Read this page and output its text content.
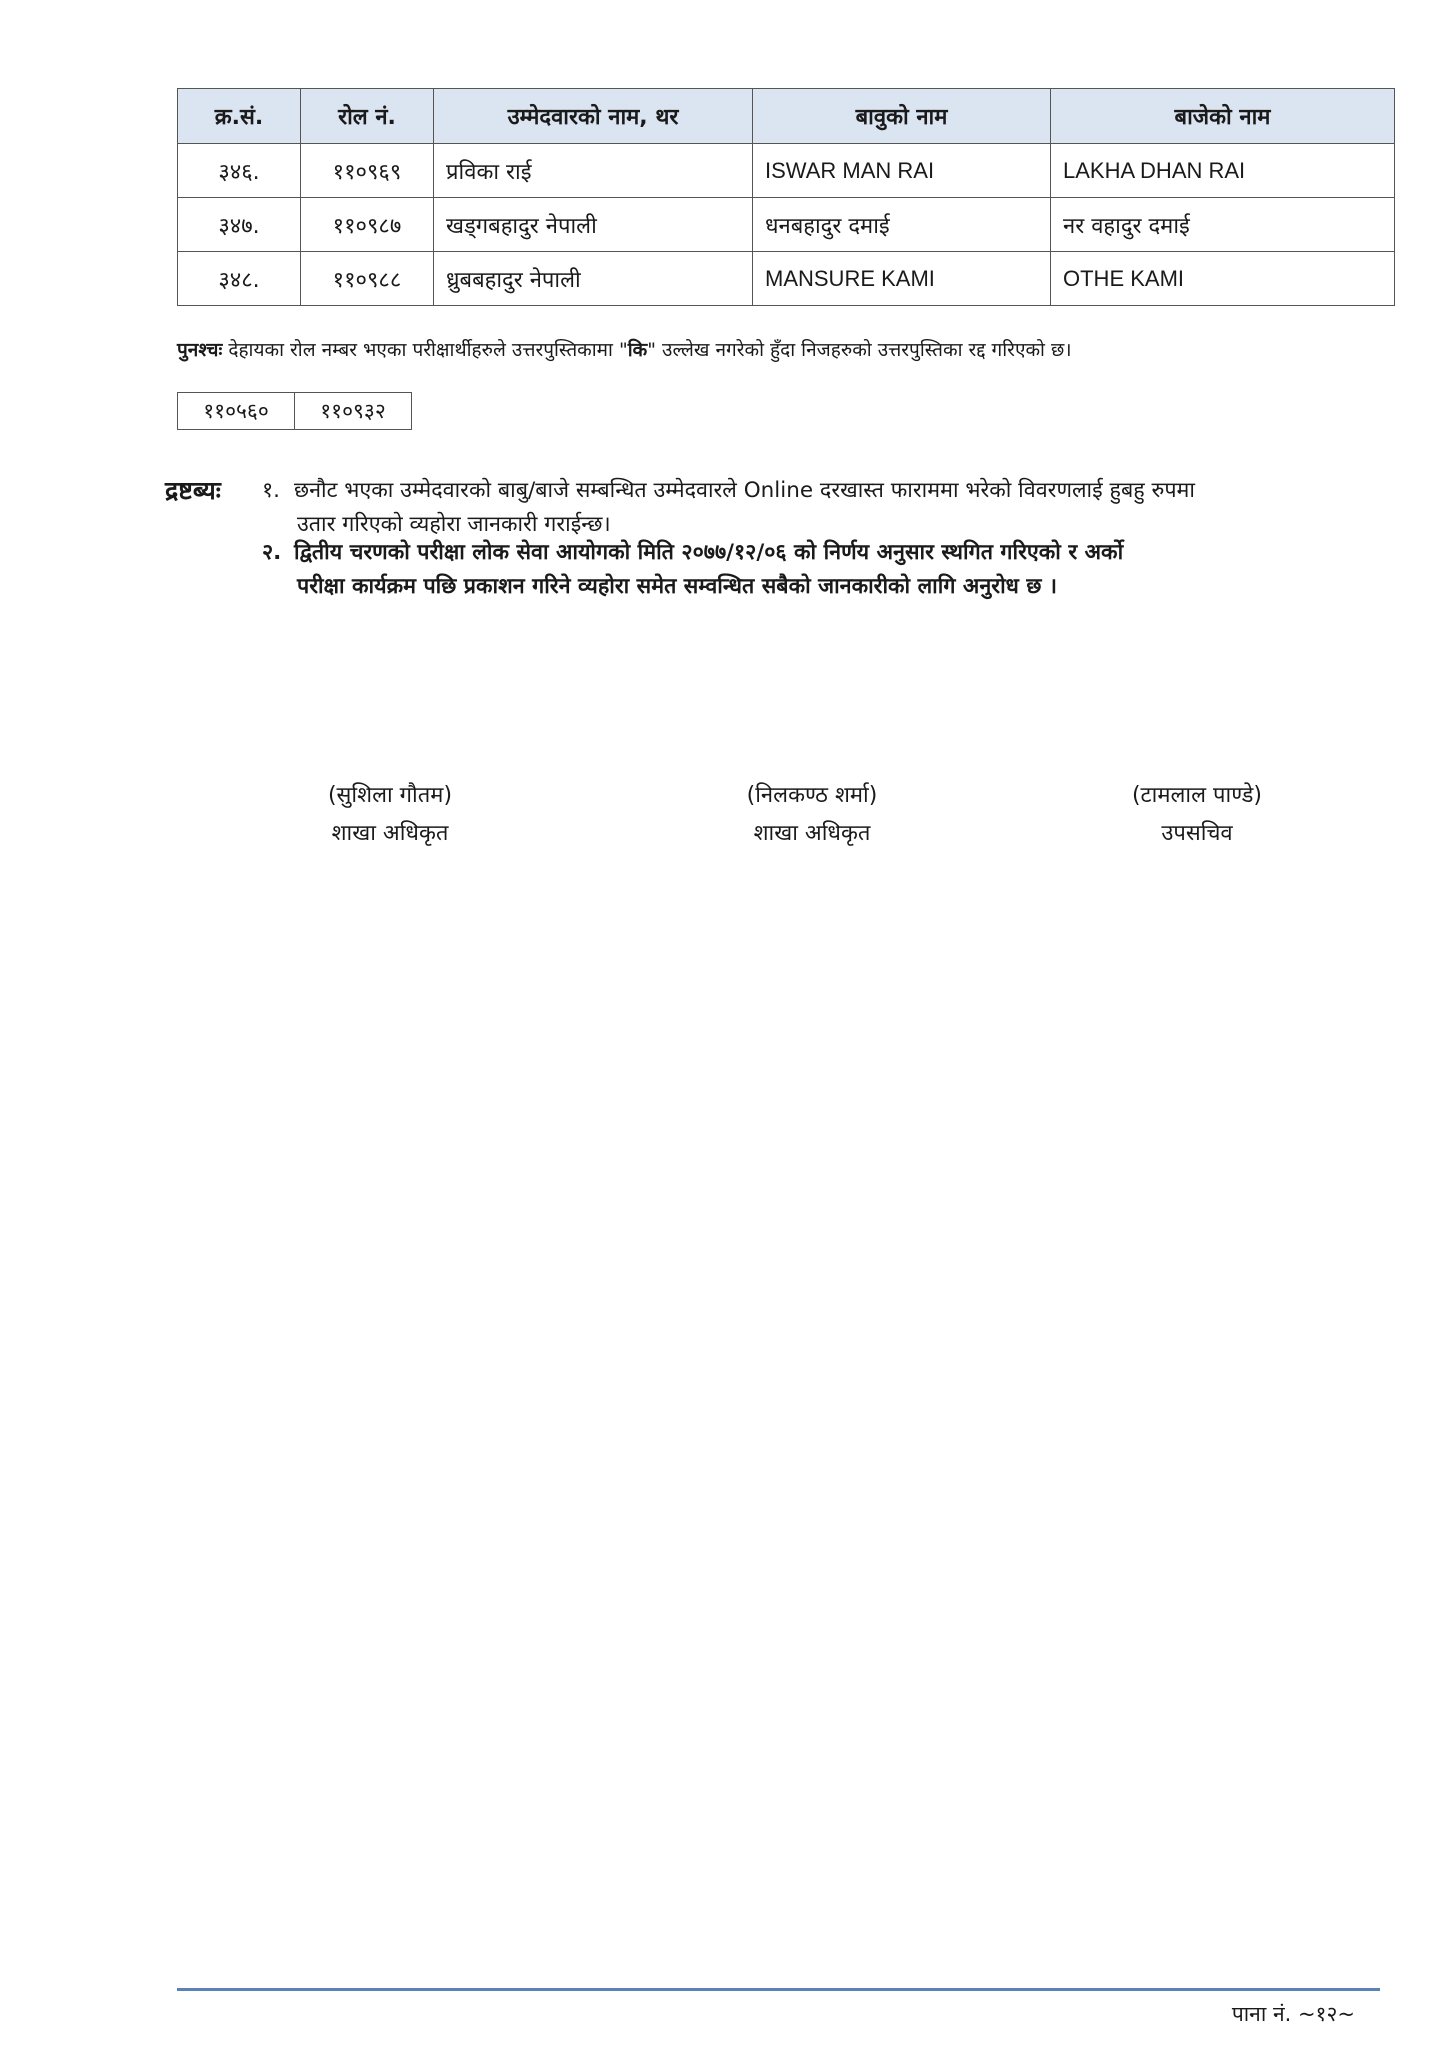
क्र.सं.	रोल नं.	उम्मेदवारको नाम, थर	बावुको नाम	बाजेको नाम
३४६.	११०९६९	प्रविका राई	ISWAR MAN RAI	LAKHA DHAN RAI
३४७.	११०९८७	खड्गबहादुर नेपाली	धनबहादुर दमाई	नर वहादुर दमाई
३४८.	११०९८८	ध्रुबबहादुर नेपाली	MANSURE KAMI	OTHE KAMI
पुनश्चः देहायका रोल नम्बर भएका परीक्षार्थीहरुले उत्तरपुस्तिकामा "कि" उल्लेख नगरेको हुँदा निजहरुको उत्तरपुस्तिका रद्द गरिएको छ।
११०५६०	११०९३२
द्रष्टब्यः १. छनौट भएका उम्मेदवारको बाबु/बाजे सम्बन्धित उम्मेदवारले Online दरखास्त फाराममा भरेको विवरणलाई हुबहु रुपमा
उतार गरिएको व्यहोरा जानकारी गराईन्छ।
२. द्वितीय चरणको परीक्षा लोक सेवा आयोगको मिति २०७७/१२/०६ को निर्णय अनुसार स्थगित गरिएको र अर्को
परीक्षा कार्यक्रम पछि प्रकाशन गरिने व्यहोरा समेत सम्वन्धित सबैको जानकारीको लागि अनुरोध छ ।
(सुशिला गौतम)
शाखा अधिकृत
(निलकण्ठ शर्मा)
शाखा अधिकृत
(टामलाल पाण्डे)
उपसचिव
पाना नं. ~१२~
